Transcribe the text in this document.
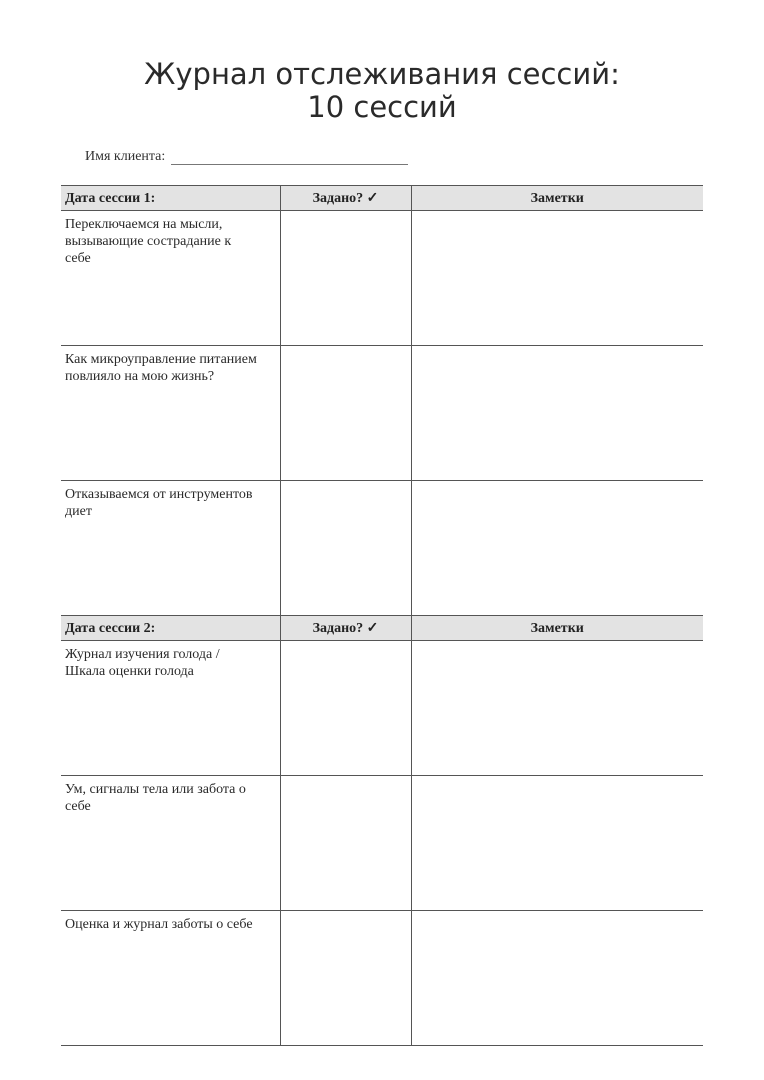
Журнал отслеживания сессий:
10 сессий
Имя клиента:
Дата сессии 1:	Задано? ✓	Заметки
Переключаемся на мысли, вызывающие сострадание к себе		
Как микроуправление питанием повлияло на мою жизнь?		
Отказываемся от инструментов диет		
Дата сессии 2:	Задано? ✓	Заметки
Журнал изучения голода / Шкала оценки голода		
Ум, сигналы тела или забота о себе		
Оценка и журнал заботы о себе		
